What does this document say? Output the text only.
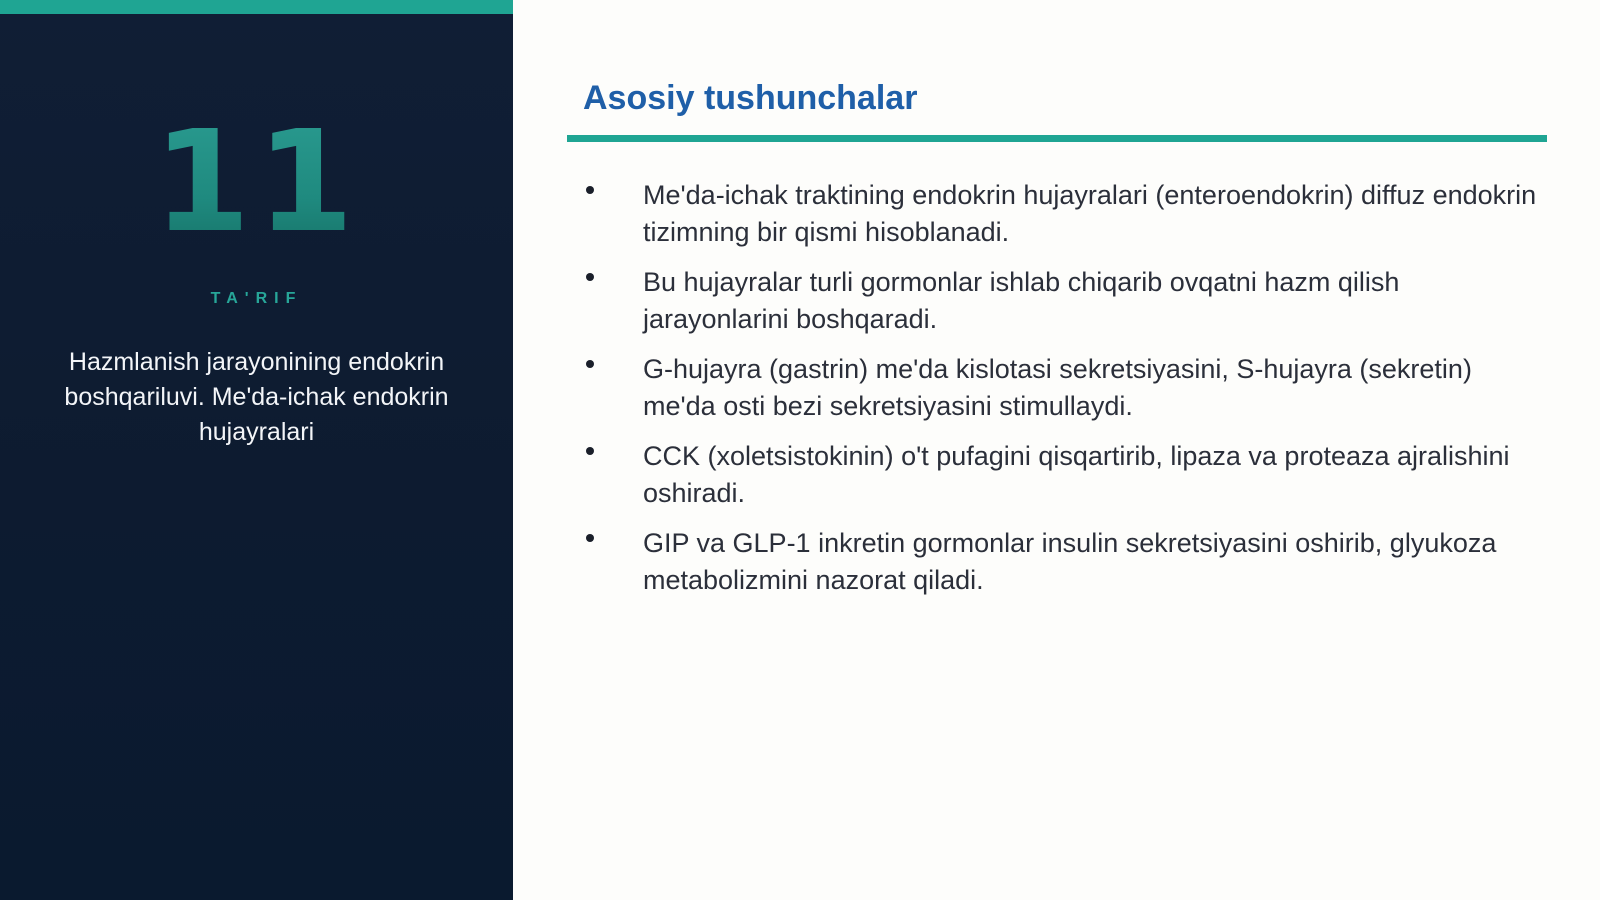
11
TA'RIF
Hazmlanish jarayonining endokrin boshqariluvi. Me'da-ichak endokrin hujayralari
Asosiy tushunchalar
Me'da-ichak traktining endokrin hujayralari (enteroendokrin) diffuz endokrin tizimning bir qismi hisoblanadi.
Bu hujayralar turli gormonlar ishlab chiqarib ovqatni hazm qilish jarayonlarini boshqaradi.
G-hujayra (gastrin) me'da kislotasi sekretsiyasini, S-hujayra (sekretin) me'da osti bezi sekretsiyasini stimullaydi.
CCK (xoletsistokinin) o't pufagini qisqartirib, lipaza va proteaza ajralishini oshiradi.
GIP va GLP-1 inkretin gormonlar insulin sekretsiyasini oshirib, glyukoza metabolizmini nazorat qiladi.
